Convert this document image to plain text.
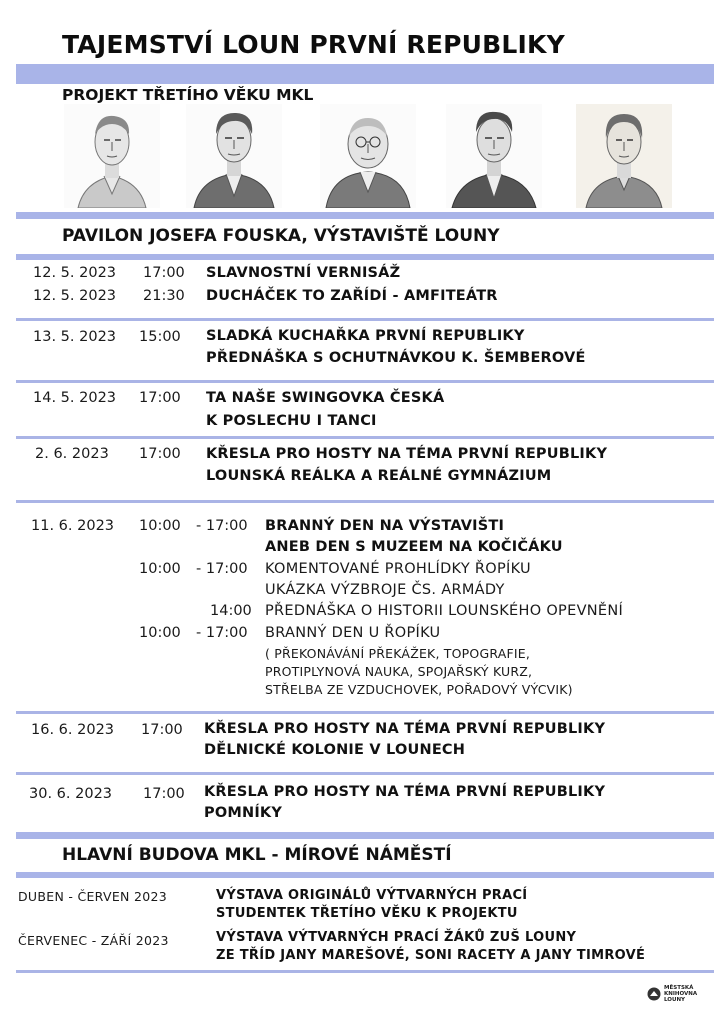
TAJEMSTVÍ LOUN PRVNÍ REPUBLIKY
PROJEKT TŘETÍHO VĚKU MKL
PAVILON JOSEFA FOUSKA, VÝSTAVIŠTĚ LOUNY
12. 5. 2023 17:00 SLAVNOSTNÍ VERNISÁŽ
12. 5. 2023 21:30 DUCHÁČEK TO ZAŘÍDÍ - AMFITEÁTR
13. 5. 2023 15:00 SLADKÁ KUCHAŘKA PRVNÍ REPUBLIKY
PŘEDNÁŠKA S OCHUTNÁVKOU K. ŠEMBEROVÉ
14. 5. 2023 17:00 TA NAŠE SWINGOVKA ČESKÁ
K POSLECHU I TANCI
2. 6. 2023 17:00 KŘESLA PRO HOSTY NA TÉMA PRVNÍ REPUBLIKY
LOUNSKÁ REÁLKA A REÁLNÉ GYMNÁZIUM
11. 6. 2023 10:00 - 17:00 BRANNÝ DEN NA VÝSTAVIŠTI
ANEB DEN S MUZEEM NA KOČIČÁKU
10:00 - 17:00 KOMENTOVANÉ PROHLÍDKY ŘOPÍKU
UKÁZKA VÝZBROJE ČS. ARMÁDY
14:00 PŘEDNÁŠKA O HISTORII LOUNSKÉHO OPEVNĚNÍ
10:00 - 17:00 BRANNÝ DEN U ŘOPÍKU
( PŘEKONÁVÁNÍ PŘEKÁŽEK, TOPOGRAFIE,
PROTIPLYNOVÁ NAUKA, SPOJAŘSKÝ KURZ,
STŘELBA ZE VZDUCHOVEK, POŘADOVÝ VÝCVIK)
16. 6. 2023 17:00 KŘESLA PRO HOSTY NA TÉMA PRVNÍ REPUBLIKY
DĚLNICKÉ KOLONIE V LOUNECH
30. 6. 2023 17:00 KŘESLA PRO HOSTY NA TÉMA PRVNÍ REPUBLIKY
POMNÍKY
HLAVNÍ BUDOVA MKL - MÍROVÉ NÁMĚSTÍ
DUBEN - ČERVEN 2023	VÝSTAVA ORIGINÁLŮ VÝTVARNÝCH PRACÍ
STUDENTEK TŘETÍHO VĚKU K PROJEKTU
ČERVENEC - ZÁŘÍ 2023	VÝSTAVA VÝTVARNÝCH PRACÍ ŽÁKŮ ZUŠ LOUNY
ZE TŘÍD JANY MAREŠOVÉ, SONI RACETY A JANY TIMROVÉ
MĚSTSKÁ
KNIHOVNA
LOUNY
